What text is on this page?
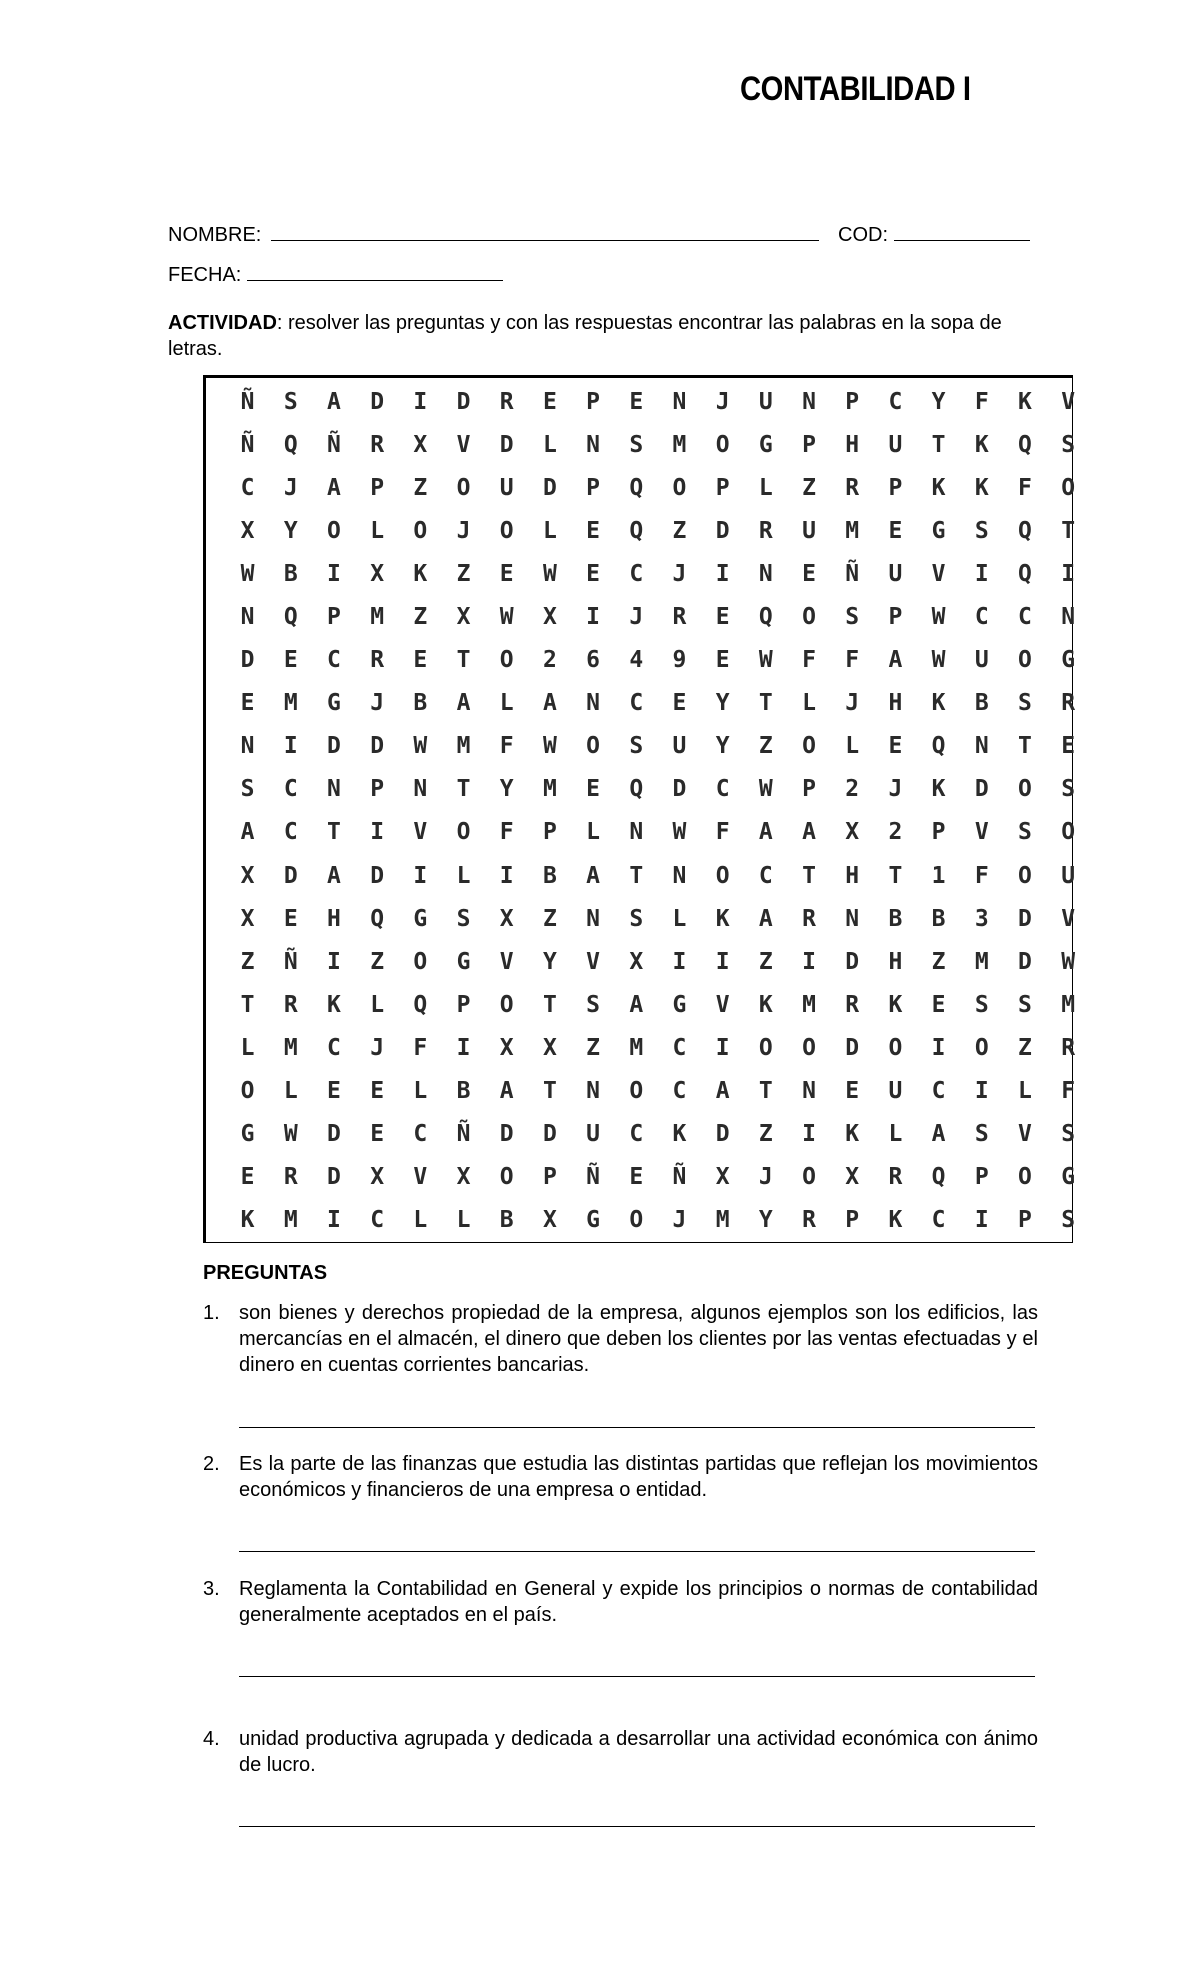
CONTABILIDAD I
NOMBRE:	COD:
FECHA:
ACTIVIDAD: resolver las preguntas y con las respuestas encontrar las palabras en la sopa de letras.
Ñ	S	A	D	I	D	R	E	P	E	N	J	U	N	P	C	Y	F	K	V
Ñ	Q	Ñ	R	X	V	D	L	N	S	M	O	G	P	H	U	T	K	Q	S
C	J	A	P	Z	O	U	D	P	Q	O	P	L	Z	R	P	K	K	F	O
X	Y	O	L	O	J	O	L	E	Q	Z	D	R	U	M	E	G	S	Q	T
W	B	I	X	K	Z	E	W	E	C	J	I	N	E	Ñ	U	V	I	Q	I
N	Q	P	M	Z	X	W	X	I	J	R	E	Q	O	S	P	W	C	C	N
D	E	C	R	E	T	O	2	6	4	9	E	W	F	F	A	W	U	O	G
E	M	G	J	B	A	L	A	N	C	E	Y	T	L	J	H	K	B	S	R
N	I	D	D	W	M	F	W	O	S	U	Y	Z	O	L	E	Q	N	T	E
S	C	N	P	N	T	Y	M	E	Q	D	C	W	P	2	J	K	D	O	S
A	C	T	I	V	O	F	P	L	N	W	F	A	A	X	2	P	V	S	O
X	D	A	D	I	L	I	B	A	T	N	O	C	T	H	T	1	F	O	U
X	E	H	Q	G	S	X	Z	N	S	L	K	A	R	N	B	B	3	D	V
Z	Ñ	I	Z	O	G	V	Y	V	X	I	I	Z	I	D	H	Z	M	D	W
T	R	K	L	Q	P	O	T	S	A	G	V	K	M	R	K	E	S	S	M
L	M	C	J	F	I	X	X	Z	M	C	I	O	O	D	O	I	O	Z	R
O	L	E	E	L	B	A	T	N	O	C	A	T	N	E	U	C	I	L	F
G	W	D	E	C	Ñ	D	D	U	C	K	D	Z	I	K	L	A	S	V	S
E	R	D	X	V	X	O	P	Ñ	E	Ñ	X	J	O	X	R	Q	P	O	G
K	M	I	C	L	L	B	X	G	O	J	M	Y	R	P	K	C	I	P	S
PREGUNTAS
1. son bienes y derechos propiedad de la empresa, algunos ejemplos son los edificios, las mercancías en el almacén, el dinero que deben los clientes por las ventas efectuadas y el dinero en cuentas corrientes bancarias.
2. Es la parte de las finanzas que estudia las distintas partidas que reflejan los movimientos económicos y financieros de una empresa o entidad.
3. Reglamenta la Contabilidad en General y expide los principios o normas de contabilidad generalmente aceptados en el país.
4. unidad productiva agrupada y dedicada a desarrollar una actividad económica con ánimo de lucro.
